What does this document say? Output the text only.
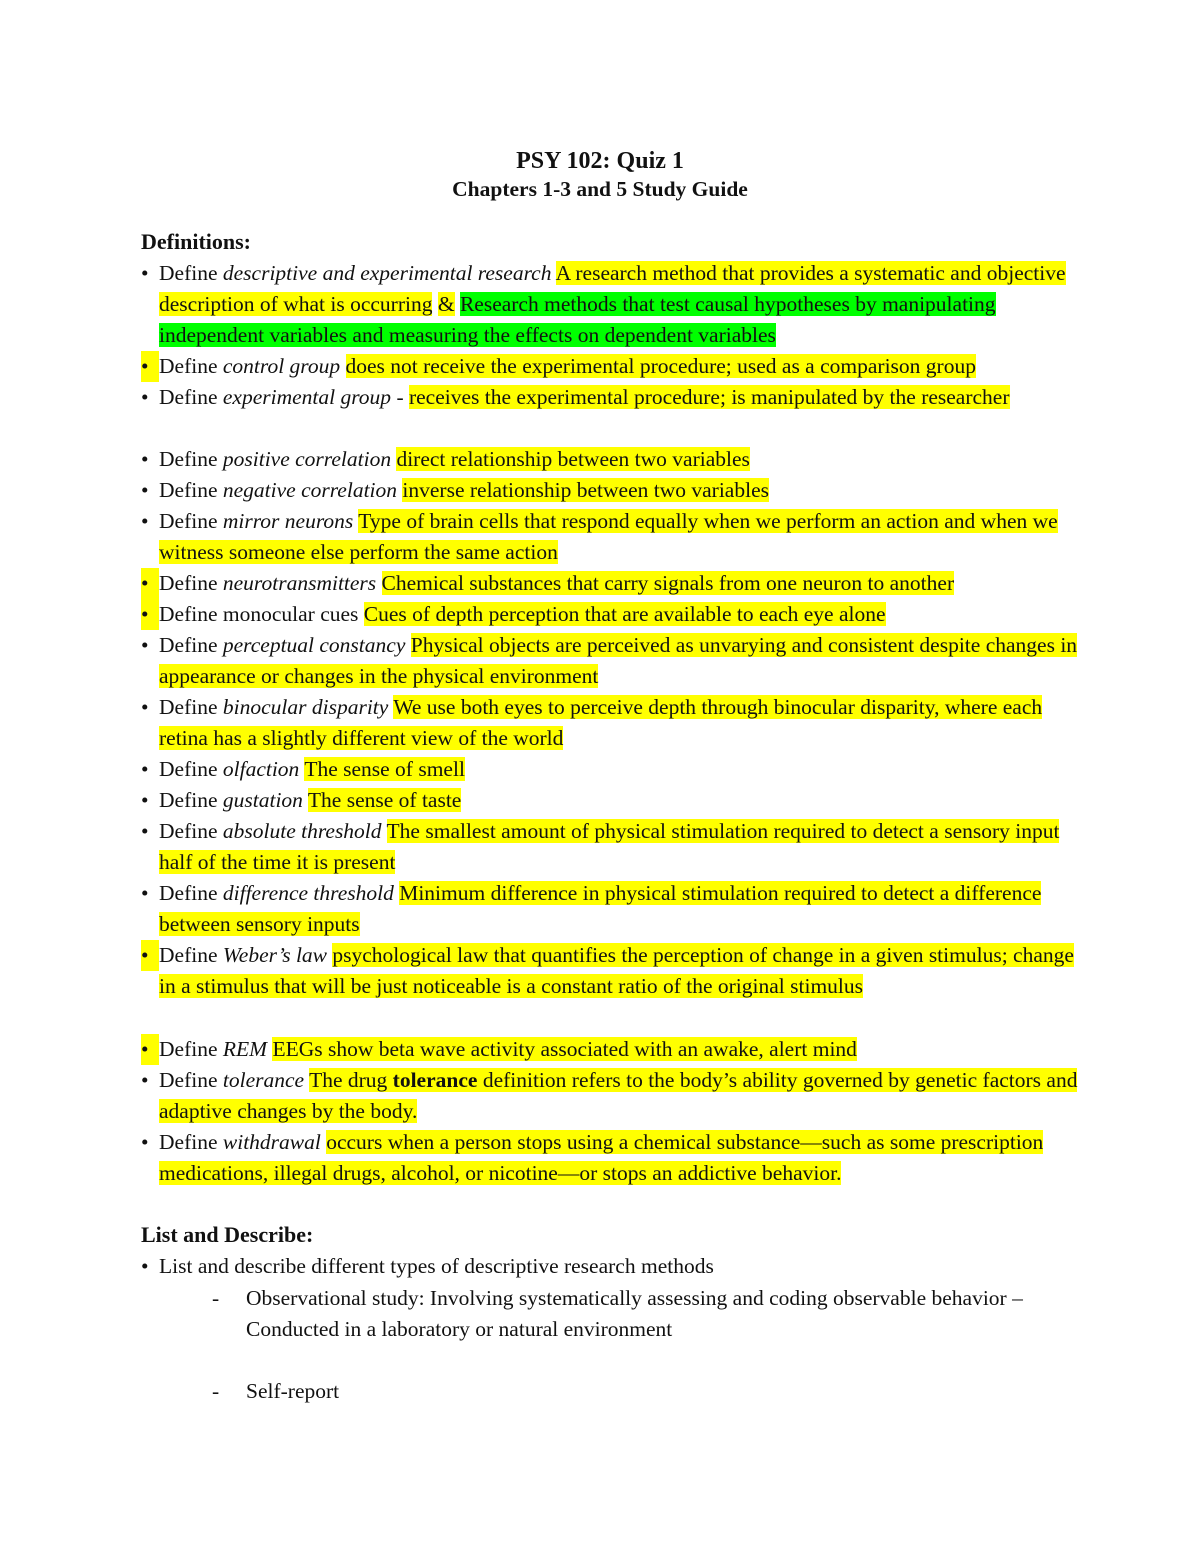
PSY 102: Quiz 1
Chapters 1-3 and 5 Study Guide
Definitions:
• Define descriptive and experimental research A research method that provides a systematic and objective description of what is occurring & Research methods that test causal hypotheses by manipulating independent variables and measuring the effects on dependent variables
• Define control group does not receive the experimental procedure; used as a comparison group
• Define experimental group - receives the experimental procedure; is manipulated by the researcher
• Define positive correlation direct relationship between two variables
• Define negative correlation inverse relationship between two variables
• Define mirror neurons Type of brain cells that respond equally when we perform an action and when we witness someone else perform the same action
• Define neurotransmitters Chemical substances that carry signals from one neuron to another
• Define monocular cues Cues of depth perception that are available to each eye alone
• Define perceptual constancy Physical objects are perceived as unvarying and consistent despite changes in appearance or changes in the physical environment
• Define binocular disparity We use both eyes to perceive depth through binocular disparity, where each retina has a slightly different view of the world
• Define olfaction The sense of smell
• Define gustation The sense of taste
• Define absolute threshold The smallest amount of physical stimulation required to detect a sensory input half of the time it is present
• Define difference threshold Minimum difference in physical stimulation required to detect a difference between sensory inputs
• Define Weber’s law psychological law that quantifies the perception of change in a given stimulus; change in a stimulus that will be just noticeable is a constant ratio of the original stimulus
• Define REM EEGs show beta wave activity associated with an awake, alert mind
• Define tolerance The drug tolerance definition refers to the body’s ability governed by genetic factors and adaptive changes by the body.
• Define withdrawal occurs when a person stops using a chemical substance—such as some prescription medications, illegal drugs, alcohol, or nicotine—or stops an addictive behavior.
List and Describe:
• List and describe different types of descriptive research methods
- Observational study: Involving systematically assessing and coding observable behavior – Conducted in a laboratory or natural environment
- Self-report
